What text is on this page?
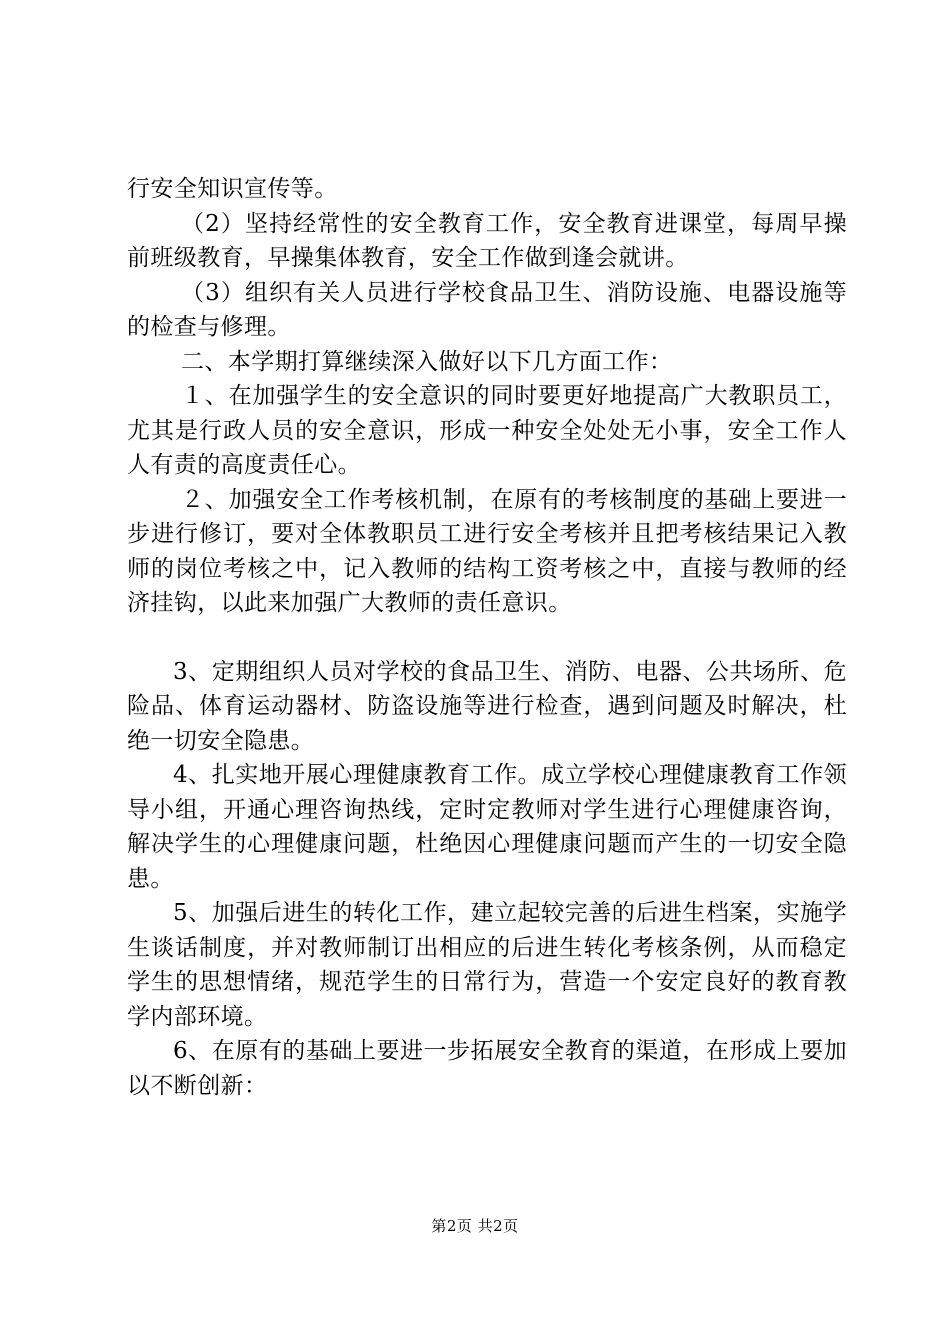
行安全知识宣传等。

（2）坚持经常性的安全教育工作，安全教育进课堂，每周早操前班级教育，早操集体教育，安全工作做到逢会就讲。

（3）组织有关人员进行学校食品卫生、消防设施、电器设施等的检查与修理。

二、本学期打算继续深入做好以下几方面工作：

１、在加强学生的安全意识的同时要更好地提高广大教职员工，尤其是行政人员的安全意识，形成一种安全处处无小事，安全工作人人有责的高度责任心。

２、加强安全工作考核机制，在原有的考核制度的基础上要进一步进行修订，要对全体教职员工进行安全考核并且把考核结果记入教师的岗位考核之中，记入教师的结构工资考核之中，直接与教师的经济挂钩，以此来加强广大教师的责任意识。

3、定期组织人员对学校的食品卫生、消防、电器、公共场所、危险品、体育运动器材、防盗设施等进行检查，遇到问题及时解决，杜绝一切安全隐患。

4、扎实地开展心理健康教育工作。成立学校心理健康教育工作领导小组，开通心理咨询热线，定时定教师对学生进行心理健康咨询，解决学生的心理健康问题，杜绝因心理健康问题而产生的一切安全隐患。

5、加强后进生的转化工作，建立起较完善的后进生档案，实施学生谈话制度，并对教师制订出相应的后进生转化考核条例，从而稳定学生的思想情绪，规范学生的日常行为，营造一个安定良好的教育教学内部环境。

6、在原有的基础上要进一步拓展安全教育的渠道，在形成上要加以不断创新：

第2页 共2页
